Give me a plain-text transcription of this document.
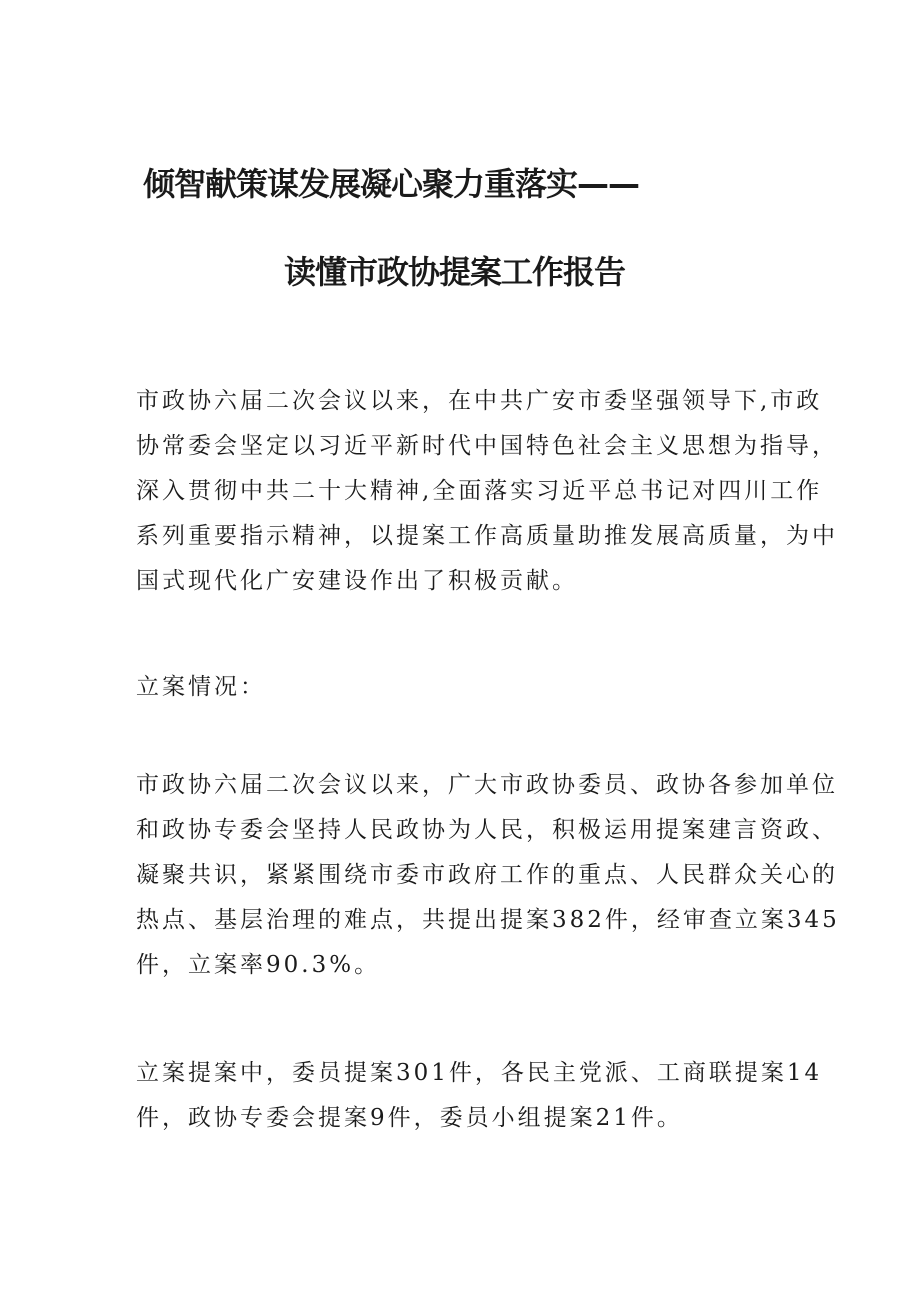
倾智献策谋发展凝心聚力重落实——
读懂市政协提案工作报告

市政协六届二次会议以来，在中共广安市委坚强领导下,市政
协常委会坚定以习近平新时代中国特色社会主义思想为指导，
深入贯彻中共二十大精神,全面落实习近平总书记对四川工作
系列重要指示精神，以提案工作高质量助推发展高质量，为中
国式现代化广安建设作出了积极贡献。

立案情况：

市政协六届二次会议以来，广大市政协委员、政协各参加单位
和政协专委会坚持人民政协为人民，积极运用提案建言资政、
凝聚共识，紧紧围绕市委市政府工作的重点、人民群众关心的
热点、基层治理的难点，共提出提案382件，经审查立案345
件，立案率90.3%。

立案提案中，委员提案301件，各民主党派、工商联提案14
件，政协专委会提案9件，委员小组提案21件。
